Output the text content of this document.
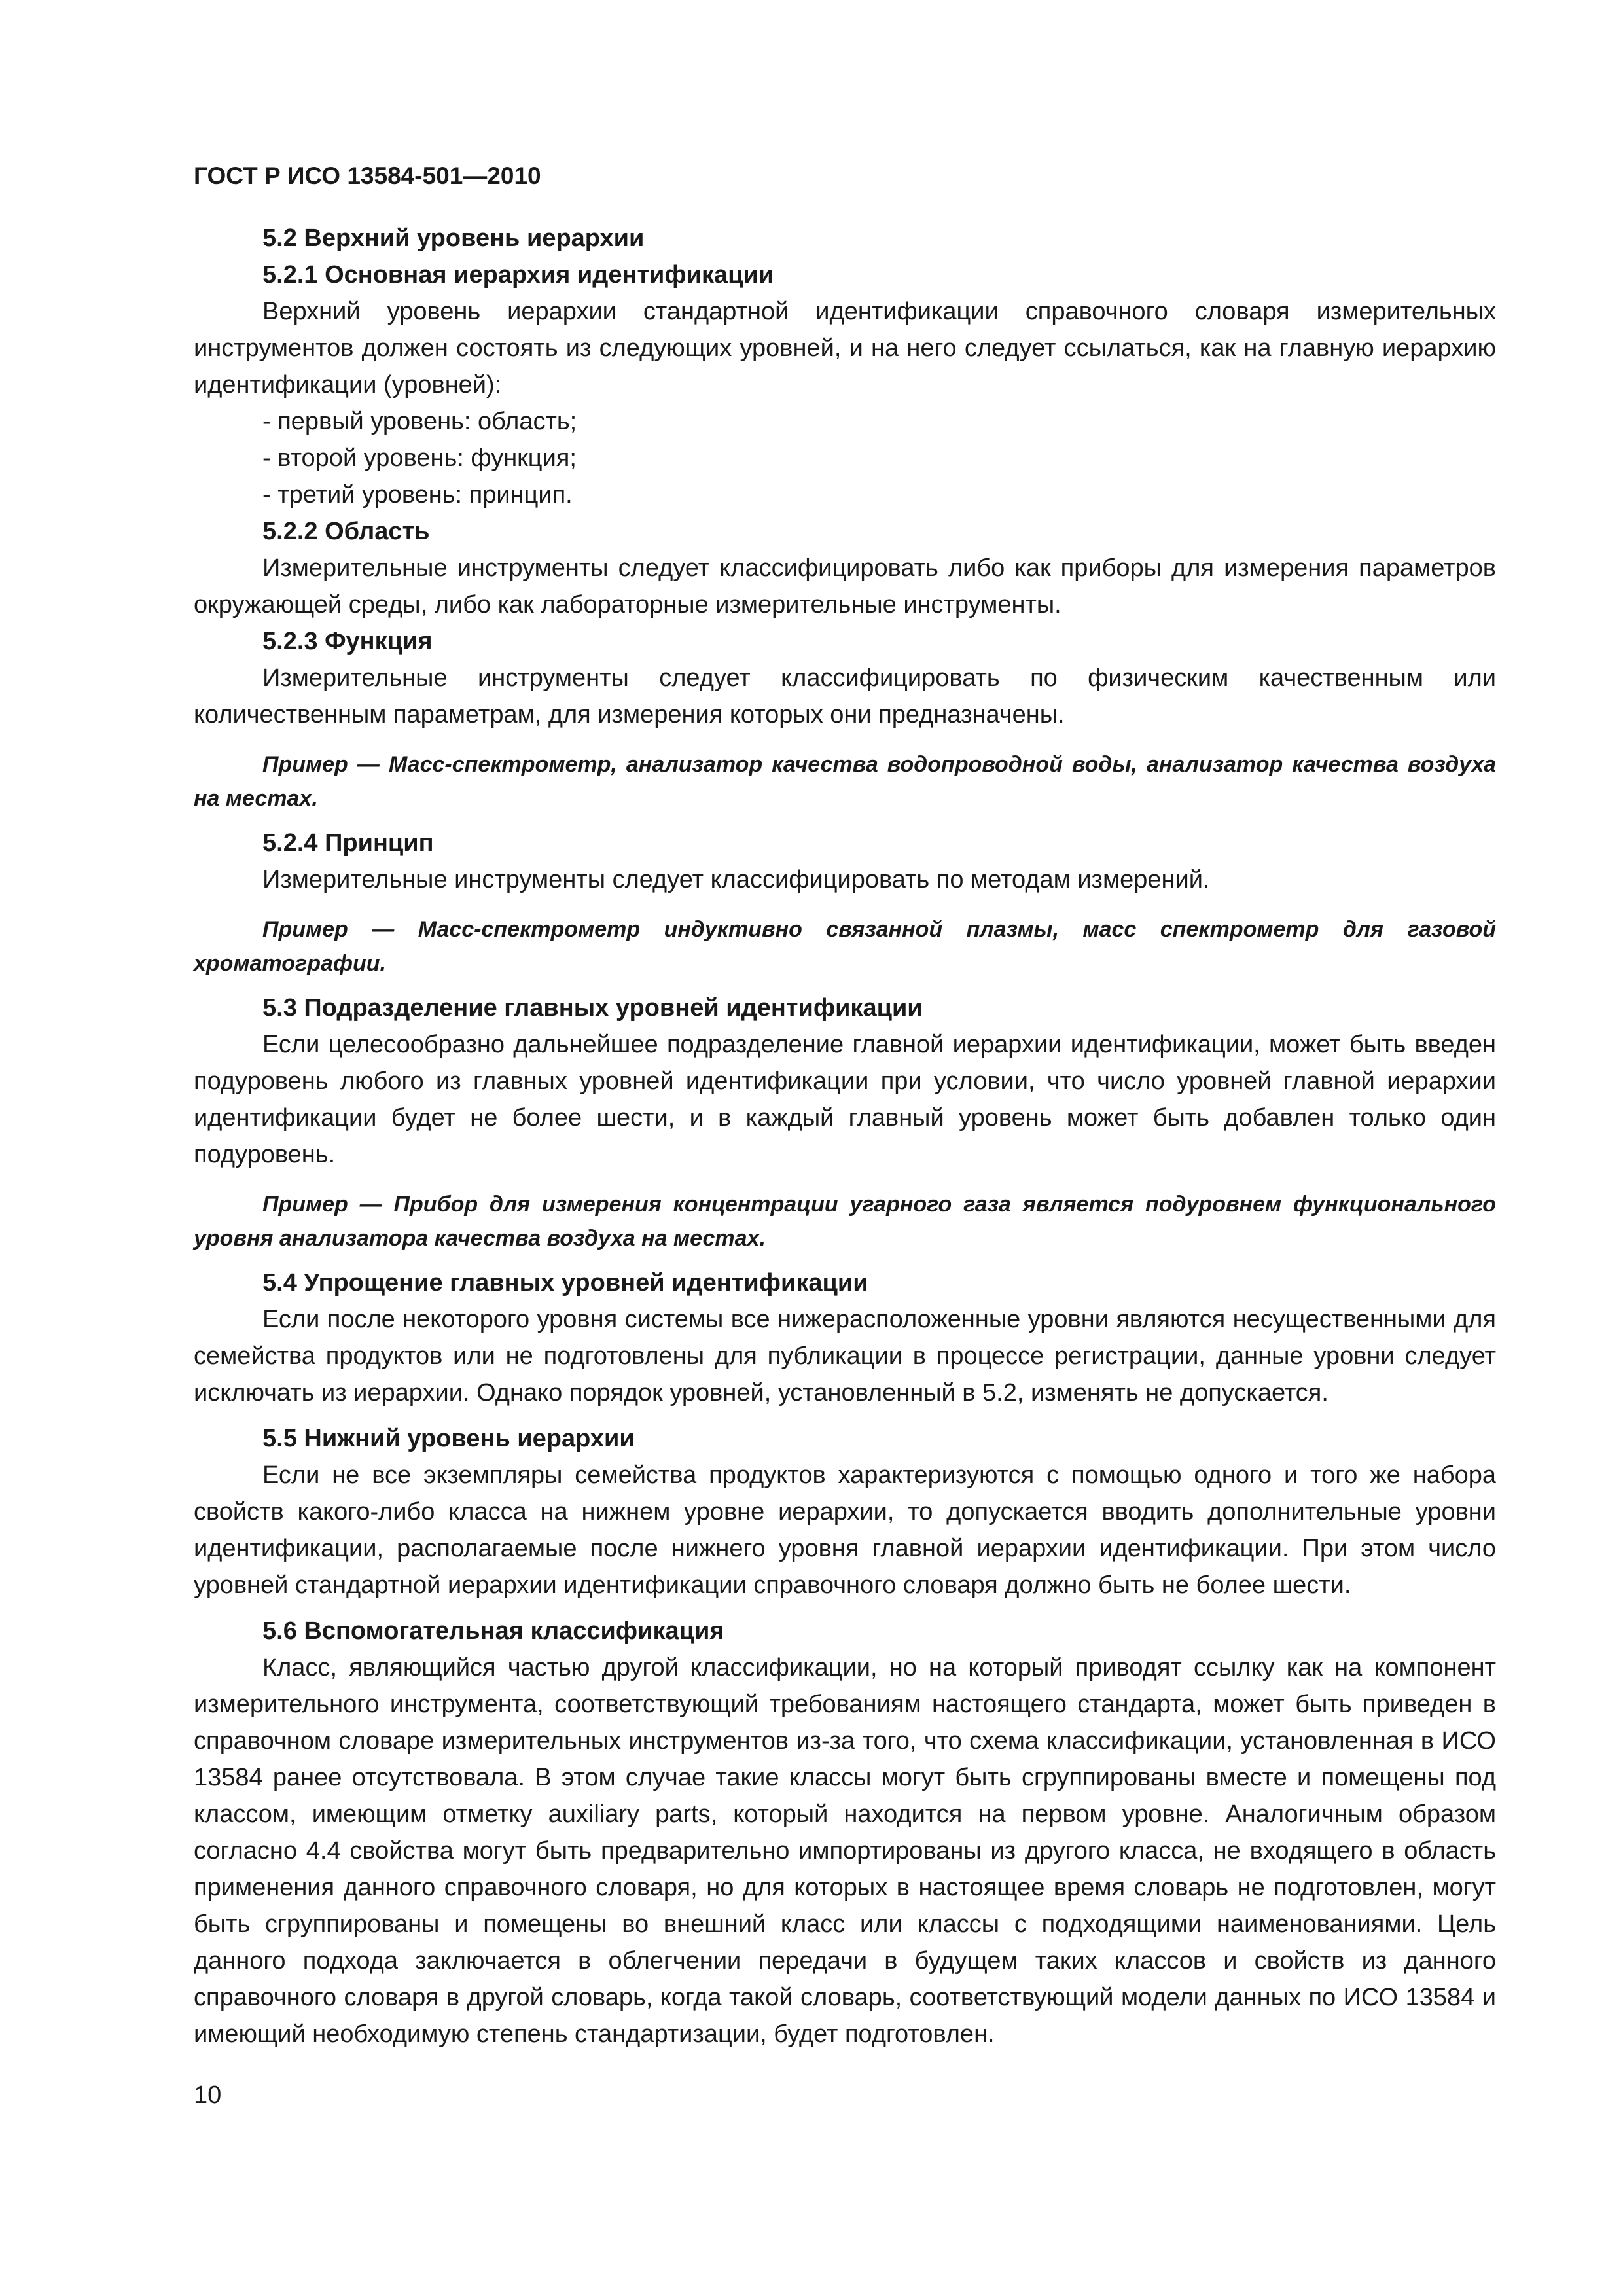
ГОСТ Р ИСО 13584-501—2010
5.2 Верхний уровень иерархии
5.2.1 Основная иерархия идентификации

Верхний уровень иерархии стандартной идентификации справочного словаря измерительных инструментов должен состоять из следующих уровней, и на него следует ссылаться, как на главную иерархию идентификации (уровней):

- первый уровень: область;
- второй уровень: функция;
- третий уровень: принцип.
5.2.2 Область

Измерительные инструменты следует классифицировать либо как приборы для измерения параметров окружающей среды, либо как лабораторные измерительные инструменты.

5.2.3 Функция

Измерительные инструменты следует классифицировать по физическим качественным или количественным параметрам, для измерения которых они предназначены.

Пример — Масс-спектрометр, анализатор качества водопроводной воды, анализатор качества воздуха на местах.

5.2.4 Принцип

Измерительные инструменты следует классифицировать по методам измерений.

Пример — Масс-спектрометр индуктивно связанной плазмы, масс спектрометр для газовой хроматографии.

5.3 Подразделение главных уровней идентификации

Если целесообразно дальнейшее подразделение главной иерархии идентификации, может быть введен подуровень любого из главных уровней идентификации при условии, что число уровней главной иерархии идентификации будет не более шести, и в каждый главный уровень может быть добавлен только один подуровень.

Пример — Прибор для измерения концентрации угарного газа является подуровнем функционального уровня анализатора качества воздуха на местах.

5.4 Упрощение главных уровней идентификации

Если после некоторого уровня системы все нижерасположенные уровни являются несущественными для семейства продуктов или не подготовлены для публикации в процессе регистрации, данные уровни следует исключать из иерархии. Однако порядок уровней, установленный в 5.2, изменять не допускается.

5.5 Нижний уровень иерархии

Если не все экземпляры семейства продуктов характеризуются с помощью одного и того же набора свойств какого-либо класса на нижнем уровне иерархии, то допускается вводить дополнительные уровни идентификации, располагаемые после нижнего уровня главной иерархии идентификации. При этом число уровней стандартной иерархии идентификации справочного словаря должно быть не более шести.

5.6 Вспомогательная классификация

Класс, являющийся частью другой классификации, но на который приводят ссылку как на компонент измерительного инструмента, соответствующий требованиям настоящего стандарта, может быть приведен в справочном словаре измерительных инструментов из-за того, что схема классификации, установленная в ИСО 13584 ранее отсутствовала. В этом случае такие классы могут быть сгруппированы вместе и помещены под классом, имеющим отметку auxiliary parts, который находится на первом уровне. Аналогичным образом согласно 4.4 свойства могут быть предварительно импортированы из другого класса, не входящего в область применения данного справочного словаря, но для которых в настоящее время словарь не подготовлен, могут быть сгруппированы и помещены во внешний класс или классы с подходящими наименованиями. Цель данного подхода заключается в облегчении передачи в будущем таких классов и свойств из данного справочного словаря в другой словарь, когда такой словарь, соответствующий модели данных по ИСО 13584 и имеющий необходимую степень стандартизации, будет подготовлен.

10
